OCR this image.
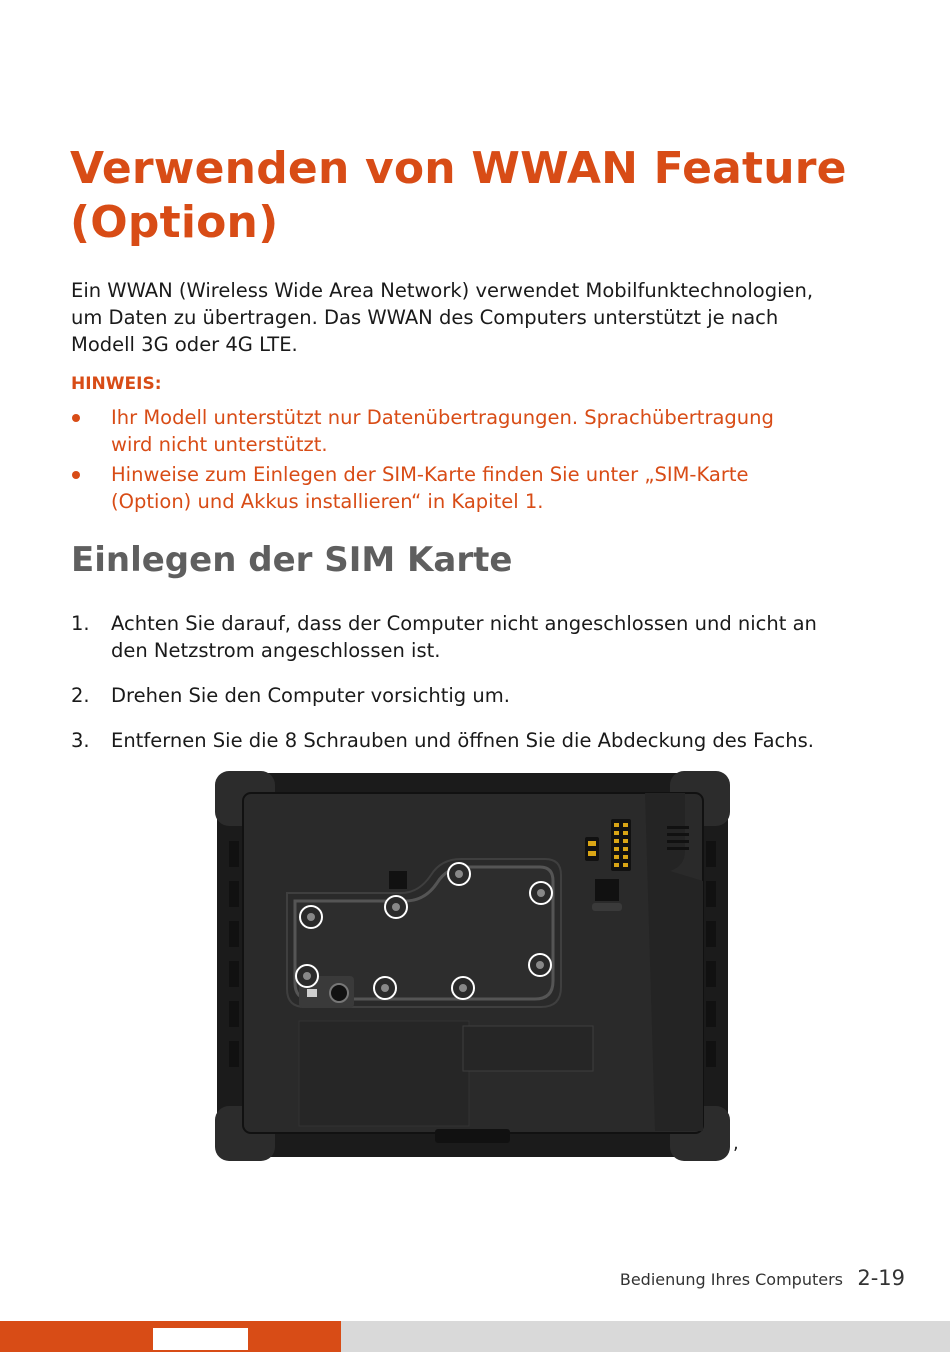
Verwenden von WWAN Feature
(Option)

Ein WWAN (Wireless Wide Area Network) verwendet Mobilfunktechnologien,
um Daten zu übertragen. Das WWAN des Computers unterstützt je nach
Modell 3G oder 4G LTE.

HINWEIS:
Ihr Modell unterstützt nur Datenübertragungen. Sprachübertragung
wird nicht unterstützt.
Hinweise zum Einlegen der SIM-Karte finden Sie unter „SIM-Karte
(Option) und Akkus installieren“ in Kapitel 1.
Einlegen der SIM Karte
1. Achten Sie darauf, dass der Computer nicht angeschlossen und nicht an
den Netzstrom angeschlossen ist.
2. Drehen Sie den Computer vorsichtig um.
3. Entfernen Sie die 8 Schrauben und öffnen Sie die Abdeckung des Fachs.
,
Bedienung Ihres Computers 2-19
